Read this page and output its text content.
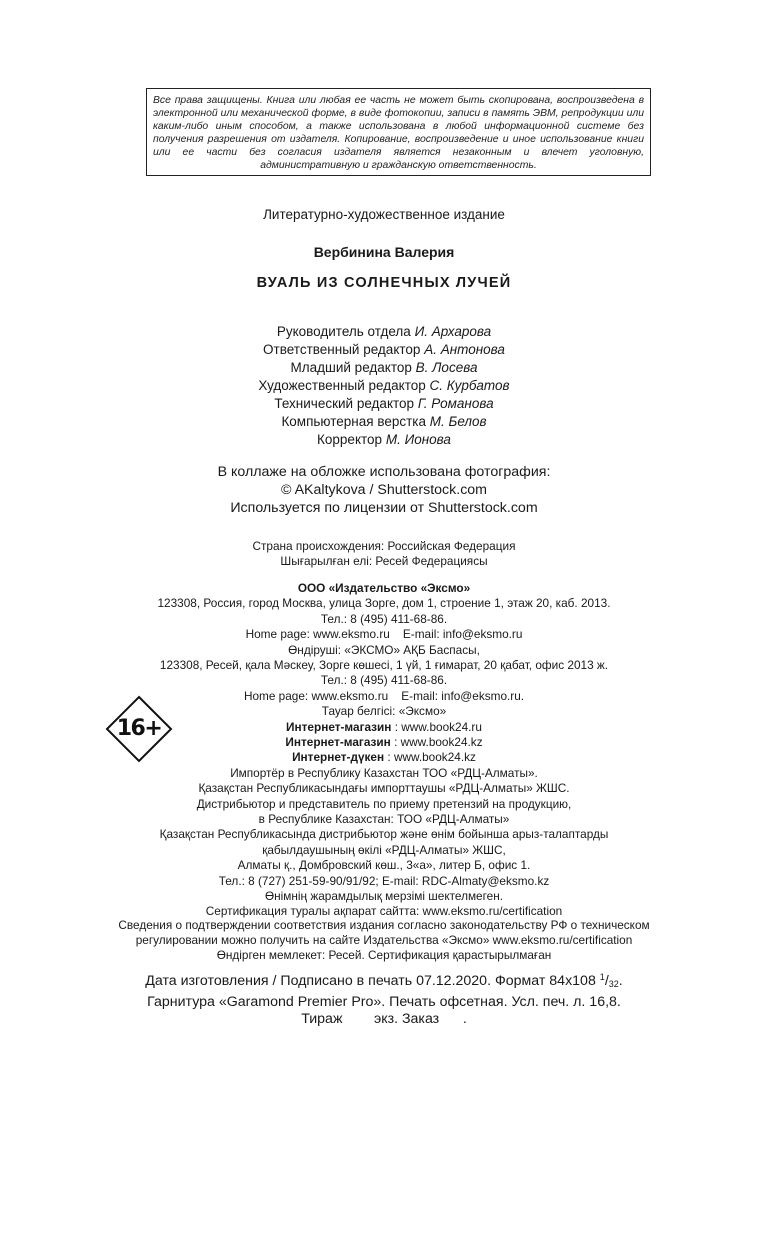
Все права защищены. Книга или любая ее часть не может быть скопирована, воспроизведена в электронной или механической форме, в виде фотокопии, записи в память ЭВМ, репродукции или каким-либо иным способом, а также использована в любой информационной системе без получения разрешения от издателя. Копирование, воспроизведение и иное использование книги или ее части без согласия издателя является незаконным и влечет уголовную, административную и гражданскую ответственность.
Литературно-художественное издание
Вербинина Валерия
ВУАЛЬ ИЗ СОЛНЕЧНЫХ ЛУЧЕЙ
Руководитель отдела И. Архарова
Ответственный редактор А. Антонова
Младший редактор В. Лосева
Художественный редактор С. Курбатов
Технический редактор Г. Романова
Компьютерная верстка М. Белов
Корректор М. Ионова
В коллаже на обложке использована фотография:
© AKaltykova / Shutterstock.com
Используется по лицензии от Shutterstock.com
Страна происхождения: Российская Федерация
Шығарылған елі: Ресей Федерациясы
ООО «Издательство «Эксмо»
123308, Россия, город Москва, улица Зорге, дом 1, строение 1, этаж 20, каб. 2013.
Тел.: 8 (495) 411-68-86.
Home page: www.eksmo.ru    E-mail: info@eksmo.ru
Өндіруші: «ЭКСМО» АҚБ Баспасы,
123308, Ресей, қала Мәскеу, Зорге көшесі, 1 үй, 1 ғимарат, 20 қабат, офис 2013 ж.
Тел.: 8 (495) 411-68-86.
Home page: www.eksmo.ru    E-mail: info@eksmo.ru.
Тауар белгісі: «Эксмо»
Интернет-магазин : www.book24.ru
16+
Интернет-магазин : www.book24.kz
Интернет-дүкен : www.book24.kz
Импортёр в Республику Казахстан ТОО «РДЦ-Алматы».
Қазақстан Республикасындағы импорттаушы «РДЦ-Алматы» ЖШС.
Дистрибьютор и представитель по приему претензий на продукцию,
в Республике Казахстан: ТОО «РДЦ-Алматы»
Қазақстан Республикасында дистрибьютор және өнім бойынша арыз-талаптарды
қабылдаушының өкілі «РДЦ-Алматы» ЖШС,
Алматы қ., Домбровский көш., 3«а», литер Б, офис 1.
Тел.: 8 (727) 251-59-90/91/92; E-mail: RDC-Almaty@eksmo.kz
Өнімнің жарамдылық мерзімі шектелмеген.
Сертификация туралы ақпарат сайтта: www.eksmo.ru/certification
Сведения о подтверждении соответствия издания согласно законодательству РФ о техническом
регулировании можно получить на сайте Издательства «Эксмо» www.eksmo.ru/certification
Өндірген мемлекет: Ресей. Сертификация қарастырылмаған
Дата изготовления / Подписано в печать 07.12.2020. Формат 84x108 $^1/_{32}$.
Гарнитура «Garamond Premier Pro». Печать офсетная. Усл. печ. л. 16,8.
Тираж        экз. Заказ      .
